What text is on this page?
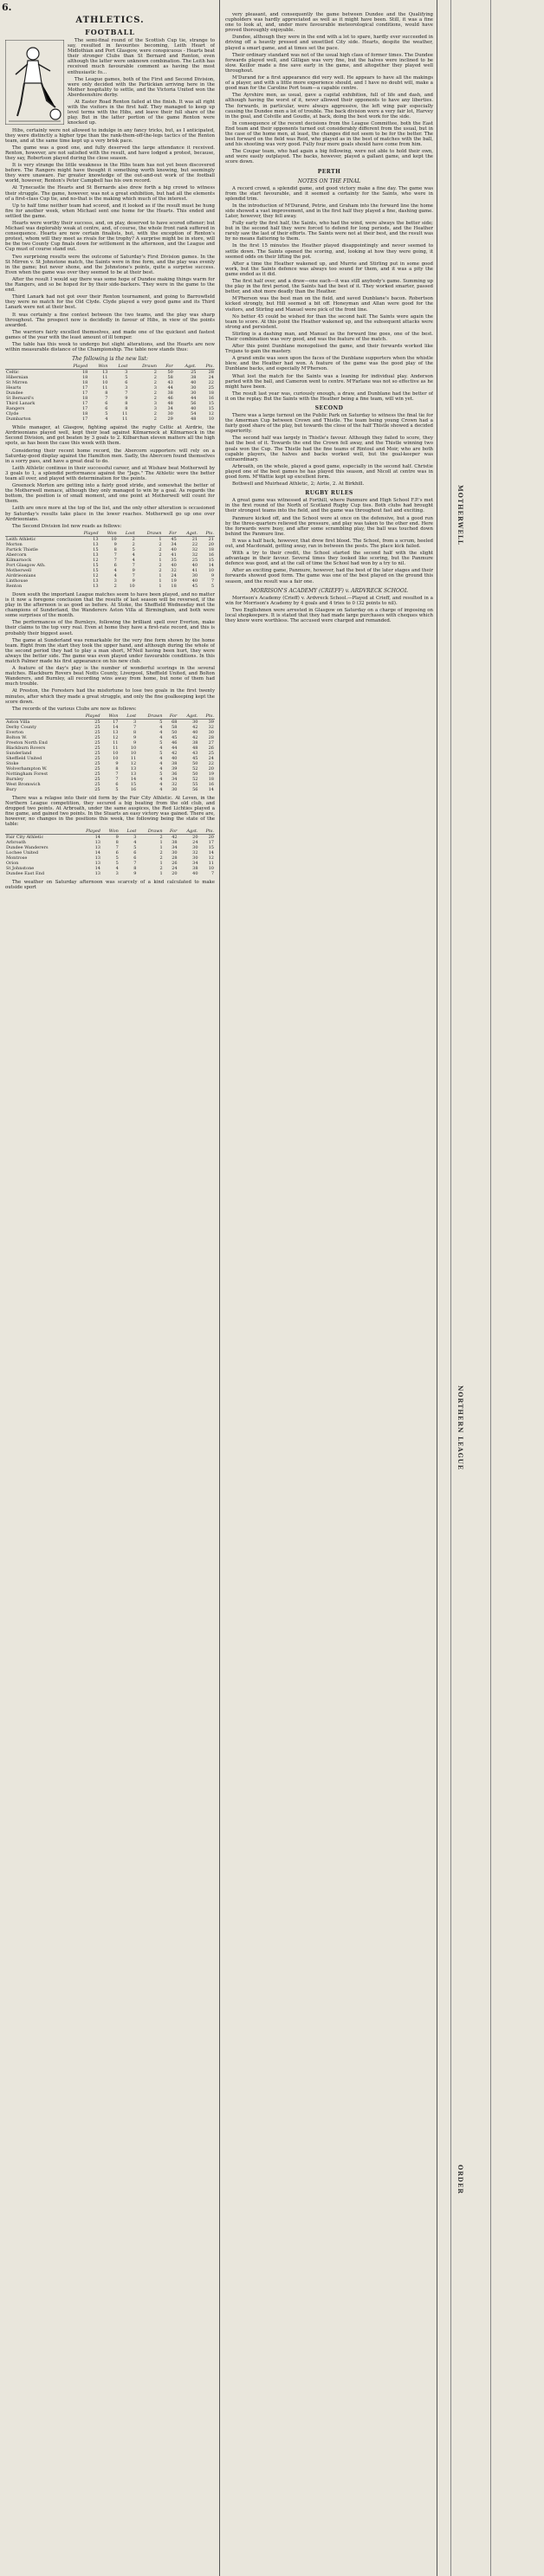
6.
ATHLETICS.
FOOTBALL

The semi-final round of the Scottish Cup tie, strange to say, resulted in favourites becoming, Leith Heart of Midlothian and Port Glasgow, were conspicuous - Hearts beat their stronger Clubs than St Bernard and Renton, even although the latter were unknown combination. The Leith has received much favourable comment as having the most enthusiastic fo...

The League games, both of the First and Second Division, were only decided with the Partickian arriving here in the Mother hospitality to settle, and the Victoria United won the Aberdeenshire derby.

At Easter Road Renton failed at the finish. It was all right with the visitors in the first half. They managed to keep up level terms with the Hibs, and leave their full share of the play. But in the latter portion of the game Renton were knocked up.

Hibs, certainly were not allowed to indulge in any fancy tricks, but, as I anticipated, they were distinctly a higher type than the rank-them-off-the-legs tactics of the Renton team, and at the same time kept up a very brisk pace.

The game was a good one, and fully deserved the large attendance it received. Renton, however, are not satisfied with the result, and have lodged a protest, because, they say, Robertson played during the close season.

It is very strange the little weakness in the Hibs team has not yet been discovered before. The Rangers might have thought it something worth knowing, but seemingly they were unaware. Far greater knowledge of the out-and-out work of the football world, however, Renton's Peter Campbell has his own record.

At Tynecastle the Hearts and St Bernards also drew forth a big crowd to witness their struggle. The game, however, was not a great exhibition, but had all the elements of a first-class Cup tie, and no-that is the making which much of the interest.

Up to half time neither team had scored, and it looked as if the result must be hung fire for another week, when Michael sent one home for the Hearts. This ended and settled the game.

Hearts were worthy their success, and, on play, deserved to have scored oftener; but Michael was deplorably weak at centre, and, of course, the whole front rank suffered in consequence. Hearts are now certain finalists, but, with the exception of Renton's protest, whom will they meet as rivals for the trophy? A surprise might be in store, will be the two County Cup finals down for settlement in the afternoon, and the League and Cup must of course stand out.

Two surprising results were the outcome of Saturday's First Division games. In the St Mirren v. St Johnstone match, the Saints were in fine form, and the play was evenly in the game; but never shone, and the Johnstone's points, quite a surprise success. Even when the game was over they seemed to be at their best.

After the result I would say there was some hope of Dundee making things warm for the Rangers, and so be hoped for by their side-backers. They were in the game to the end.

Third Lanark had not got over their Renton tournament, and going to Barrowfield they were no match for the Old Clyde. Clyde played a very good game and its Third Lanark were not at their best.

It was certainly a fine contest between the two teams, and the play was sharp throughout. The prospect now is decidedly in favour of Hibs, in view of the points awarded.

The warriors fairly excelled themselves, and made one of the quickest and fastest games of the year with the least amount of ill temper.

The table has this week to undergo but slight alterations, and the Hearts are now within measurable distance of the Championship. The table now stands thus:

The following is the new list:
	Played	Won	Lost	Drawn	For	Agst.	Pts.
Celtic	18	13	3	2	50	25	28
Hibernian	18	11	5	2	58	38	24
St Mirren	18	10	6	2	43	40	22
Hearts	17	11	3	3	44	30	25
Dundee	17	8	7	2	38	30	18
St Bernard's	18	7	9	2	46	44	16
Third Lanark	17	6	8	3	48	56	15
Rangers	17	6	8	3	34	40	15
Clyde	18	5	11	2	30	54	12
Dumbarton	17	4	11	2	29	48	10

While manager, at Glasgow, fighting against the rugby Celtic at Airdrie, the Airdrieonians played well, kept their lead against Kilmarnock at Kilmarnock in the Second Division, and got beaten by 3 goals to 2. Kilbarchan eleven matters all the high spots, as has been the case this week with them.

Considering their recent home record, the Abercorn supporters will rely on a Saturday-good display against the Hamilton men. Sadly, the Abercorn found themselves in a sorry pass, and have a great deal to do.

Leith Athletic continue in their successful career, and at Wishaw beat Motherwell by 3 goals to 1, a splendid performance against the "Jags." The Athletic were the better team all over, and played with determination for the points.

Greenock Morton are getting into a fairly good stride, and somewhat the better of the Motherwell menace, although they only managed to win by a goal. As regards the bottom, the position is of small moment, and one point at Motherwell will count for them.

Leith are once more at the top of the list, and the only other alteration is occasioned by Saturday's results take place in the lower reaches. Motherwell go up one over Airdrieonians.

The Second Division list now reads as follows:

	Played	Won	Lost	Drawn	For	Agst.	Pts.
Leith Athletic	13	10	2	1	45	21	21
Morton	13	9	2	2	34	22	20
Partick Thistle	15	8	5	2	40	32	18
Abercorn	13	7	4	2	41	32	16
Kilmarnock	12	7	4	1	35	25	15
Port Glasgow Ath.	15	6	7	2	40	40	14
Motherwell	15	4	9	2	32	41	10
Airdrieonians	12	4	7	1	24	30	9
Linthouse	13	3	9	1	19	40	7
Renton	13	2	10	1	18	45	5

Down south the important League matches seem to have been played, and no matter is it now a foregone conclusion that the results of last season will be reversed, if the play in the afternoon is as good as before. At Stoke, the Sheffield Wednesday met the champions of Sunderland, the Wanderers Aston Villa at Birmingham, and both were some surprises of the month.

The performances of the Burnleys, following the brilliant spell over Everton, make their claims to the top very real. Even at home they have a first-rate record, and this is probably their biggest asset.

The game at Sunderland was remarkable for the very fine form shown by the home team. Right from the start they took the upper hand, and although during the whole of the second period they had to play a man short, M'Neil having been hurt, they were always the better side. The game was even played under favourable conditions. In this match Palmer made his first appearance on his new club.

A feature of the day's play is the number of wonderful scorings in the several matches. Blackburn Rovers beat Notts County, Liverpool, Sheffield United, and Bolton Wanderers, and Burnley, all recording wins away from home, but none of them had much trouble.

At Preston, the Foresters had the misfortune to lose two goals in the first twenty minutes, after which they made a great struggle, and only the fine goalkeeping kept the score down.

The records of the various Clubs are now as follows:

	Played	Won	Lost	Drawn	For	Agst.	Pts.
Aston Villa	25	17	3	5	68	30	39
Derby County	25	14	7	4	58	42	32
Everton	25	13	8	4	50	40	30
Bolton W.	25	12	9	4	45	42	28
Preston North End	25	11	9	5	46	38	27
Blackburn Rovers	25	11	10	4	44	48	26
Sunderland	25	10	10	5	42	43	25
Sheffield United	25	10	11	4	40	45	24
Stoke	25	9	12	4	38	50	22
Wolverhampton W.	25	8	13	4	39	52	20
Nottingham Forest	25	7	13	5	36	50	19
Burnley	25	7	14	4	34	52	18
West Bromwich	25	6	15	4	32	55	16
Bury	25	5	16	4	30	56	14

There was a relapse into their old form by the Fair City Athletic. At Leven, in the Northern League competition, they secured a big beating from the old club, and dropped two points. At Arbroath, under the same auspices, the Red Lichties played a fine game, and gained two points. In the Stuarts an easy victory was gained. There are, however, no changes in the positions this week, the following being the state of the table:

	Played	Won	Lost	Drawn	For	Agst.	Pts.
Fair City Athletic	14	9	3	2	42	20	20
Arbroath	13	8	4	1	38	24	17
Dundee Wanderers	13	7	5	1	34	30	15
Lochee United	14	6	6	2	30	32	14
Montrose	13	5	6	2	28	30	12
Orion	13	5	7	1	26	34	11
St Johnstone	14	4	8	2	24	38	10
Dundee East End	13	3	9	1	20	40	7

The weather on Saturday afternoon was scarcely of a kind calculated to make outside sport

very pleasant, and consequently the game between Dundee and the Qualifying cupholders was hardly appreciated as well as it might have been. Still, it was a fine one to look at, and, under more favourable meteorological conditions, would have proved thoroughly enjoyable.

Dundee, although they were in the end with a lot to spare, hardly ever succeeded in driving off a heavily pressed and unsettled City side. Hearts, despite the weather, played a smart game, and at times set the pace.

Their ordinary standard was not of the usual high class of former times. The Dundee forwards played well, and Gilligan was very fine, but the halves were inclined to be slow. Keillor made a fine save early in the game, and altogether they played well throughout.

M'Durand for a first appearance did very well. He appears to have all the makings of a player, and with a little more experience should, and I have no doubt will, make a good man for the Caroline Port team—a capable centre.

The Ayrshire men, as usual, gave a capital exhibition, full of life and dash, and although having the worst of it, never allowed their opponents to have any liberties. The forwards, in particular, were always aggressive, the left wing pair especially causing the Dundee men a lot of trouble. The back division were a very fair lot, Harvey in the goal, and Colville and Goudie, at back, doing the best work for the side.

In consequence of the recent decisions from the League Committee, both the East End team and their opponents turned out considerably different from the usual, but in the case of the home men, at least, the changes did not seem to be for the better. The best forward on the field was Reid, who played as in the best of matches with the ball, and his shooting was very good. Fully four more goals should have come from him.

The Coupar team, who had again a big following, were not able to hold their own, and were easily outplayed. The backs, however, played a gallant game, and kept the score down.

PERTH
NOTES ON THE FINAL

A record crowd, a splendid game, and good victory make a fine day. The game was from the start favourable, and it seemed a certainty for the Saints, who were in splendid trim.

In the introduction of M'Durand, Petrie, and Graham into the forward line the home side showed a vast improvement, and in the first half they played a fine, dashing game. Later, however, they fell away.

Fully early the first half, the Saints, who had the wind, were always the better side; but in the second half they were forced to defend for long periods, and the Heather rarely saw the last of their efforts. The Saints were not at their best, and the result was by no means flattering to them.

In the first 15 minutes the Heather played disappointingly and never seemed to settle down. The Saints opened the scoring, and, looking at how they were going, it seemed odds on their lifting the pot.

After a time the Heather wakened up, and Murrie and Stirling put in some good work, but the Saints defence was always too sound for them, and it was a pity the game ended as it did.

The first half over, and a draw—one each—it was still anybody's game. Summing up the play in the first period, the Saints had the best of it. They worked smarter, passed better, and shot more deadly than the Heather.

M'Pherson was the best man on the field, and saved Dunblane's bacon. Robertson kicked strongly, but Hill seemed a bit off. Honeyman and Allan were good for the visitors, and Stirling and Manuel were pick of the front line.

No better 45 could be wished for than the second half. The Saints were again the team to score. At this point the Heather wakened up, and the subsequent attacks were strong and persistent.

Stirling is a dashing man, and Manuel as the forward line goes, one of the best. Their combination was very good, and was the feature of the match.

After this point Dunblane monopolised the game, and their forwards worked like Trojans to gain the mastery.

A grand smile was seen upon the faces of the Dunblane supporters when the whistle blew, and the Heather had won. A feature of the game was the good play of the Dunblane backs, and especially M'Pherson.

What lost the match for the Saints was a leaning for individual play. Anderson parted with the ball, and Cameron went to centre. M'Farlane was not so effective as he might have been.

The result last year was, curiously enough, a draw, and Dunblane had the better of it on the replay. But the Saints with the Heather being a fine team, will win yet.

SECOND

There was a large turnout on the Public Park on Saturday to witness the final tie for the Amerman Cup between Crown and Thistle. The team being young Crown had a fairly good share of the play, but towards the close of the half Thistle showed a decided superiority.

The second half was largely in Thistle's favour. Although they failed to score, they had the best of it. Towards the end the Crown fell away, and the Thistle winning two goals won the Cup. The Thistle had the fine teams of Rintoul and Moir, who are both capable players, the halves and backs worked well, but the goal-keeper was extraordinary.

Arbroath, on the whole, played a good game, especially in the second half. Christie played one of the best games he has played this season, and Nicoll at centre was in good form. M'Wattie kept up excellent form.

Bothwell and Muirhead Athletic, 2; Airlie, 2. At Birkhill.

RUGBY RULES

A great game was witnessed at Forthill, where Panmure and High School F.P.'s met in the first round of the North of Scotland Rugby Cup ties. Both clubs had brought their strongest teams into the field, and the game was throughout fast and exciting.

Panmure kicked off, and the School were at once on the defensive, but a good run by the three-quarters relieved the pressure, and play was taken to the other end. Here the forwards were busy, and after some scrambling play, the ball was touched down behind the Panmure line.

It was a half back, however, that drew first blood. The School, from a scrum, heeled out, and Macdonald, getting away, ran in between the posts. The place kick failed.

With a try to their credit, the School started the second half with the slight advantage in their favour. Several times they looked like scoring, but the Panmure defence was good, and at the call of time the School had won by a try to nil.

After an exciting game, Panmure, however, had the best of the later stages and their forwards showed good form. The game was one of the best played on the ground this season, and the result was a fair one.

MORRISON'S ACADEMY (CRIEFF) v. ARDVRECK SCHOOL

Morrison's Academy (Crieff) v. Ardvreck School.—Played at Crieff, and resulted in a win for Morrison's Academy by 4 goals and 4 tries to 0 (32 points to nil).

Two Englishmen were arrested in Glasgow on Saturday on a charge of imposing on local shopkeepers. It is stated that they had made large purchases with cheques which they knew were worthless. The accused were charged and remanded.

MOTHERWELL
NORTHERN LEAGUE
ORDER
